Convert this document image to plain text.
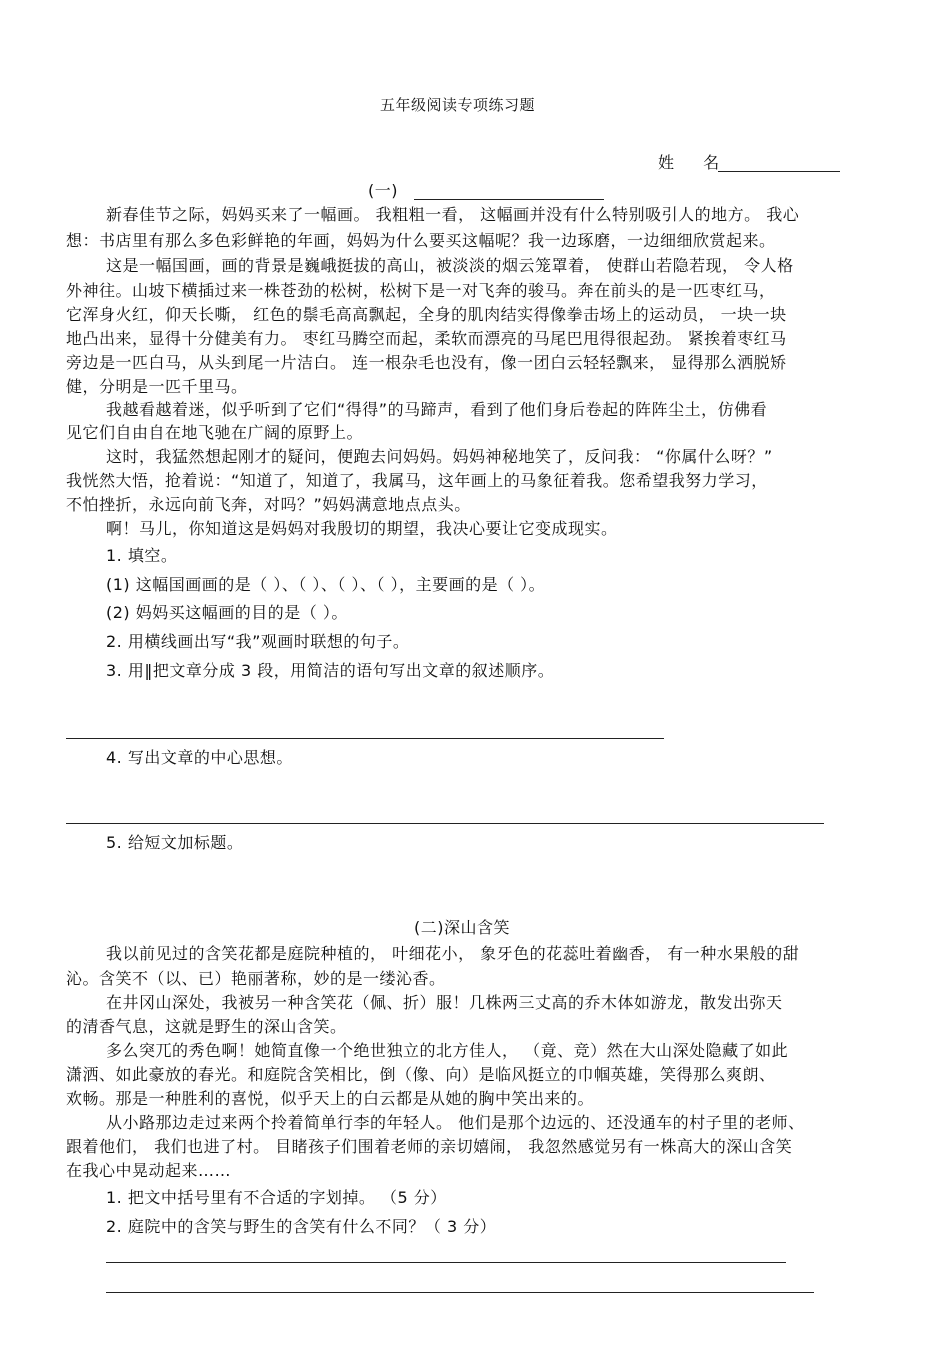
五年级阅读专项练习题
姓 名
(一)
新春佳节之际，妈妈买来了一幅画。 我粗粗一看， 这幅画并没有什么特别吸引人的地方。 我心
想：书店里有那么多色彩鲜艳的年画，妈妈为什么要买这幅呢？我一边琢磨，一边细细欣赏起来。
这是一幅国画，画的背景是巍峨挺拔的高山，被淡淡的烟云笼罩着， 使群山若隐若现， 令人格
外神往。山坡下横插过来一株苍劲的松树，松树下是一对飞奔的骏马。奔在前头的是一匹枣红马，
它浑身火红，仰天长嘶， 红色的鬃毛高高飘起，全身的肌肉结实得像拳击场上的运动员， 一块一块
地凸出来，显得十分健美有力。 枣红马腾空而起，柔软而漂亮的马尾巴甩得很起劲。 紧挨着枣红马
旁边是一匹白马，从头到尾一片洁白。 连一根杂毛也没有，像一团白云轻轻飘来， 显得那么洒脱矫
健，分明是一匹千里马。
我越看越着迷，似乎听到了它们“得得”的马蹄声，看到了他们身后卷起的阵阵尘土，仿佛看
见它们自由自在地飞驰在广阔的原野上。
这时，我猛然想起刚才的疑问，便跑去问妈妈。妈妈神秘地笑了，反问我： “你属什么呀？”
我恍然大悟，抢着说：“知道了，知道了，我属马，这年画上的马象征着我。您希望我努力学习，
不怕挫折，永远向前飞奔，对吗？”妈妈满意地点点头。
啊！马儿，你知道这是妈妈对我殷切的期望，我决心要让它变成现实。
1. 填空。
(1) 这幅国画画的是（ ）、（ ）、（ ）、（ ），主要画的是（ ）。
(2) 妈妈买这幅画的目的是（ ）。
2. 用横线画出写“我”观画时联想的句子。
3. 用‖把文章分成 3 段，用简洁的语句写出文章的叙述顺序。
4. 写出文章的中心思想。
5. 给短文加标题。
(二)深山含笑
我以前见过的含笑花都是庭院种植的， 叶细花小， 象牙色的花蕊吐着幽香， 有一种水果般的甜
沁。含笑不（以、已）艳丽著称，妙的是一缕沁香。
在井冈山深处，我被另一种含笑花（佩、折）服！几株两三丈高的乔木体如游龙，散发出弥天
的清香气息，这就是野生的深山含笑。
多么突兀的秀色啊！她简直像一个绝世独立的北方佳人， （竟、竞）然在大山深处隐藏了如此
潇洒、如此豪放的春光。和庭院含笑相比，倒（像、向）是临风挺立的巾帼英雄，笑得那么爽朗、
欢畅。那是一种胜利的喜悦，似乎天上的白云都是从她的胸中笑出来的。
从小路那边走过来两个拎着简单行李的年轻人。 他们是那个边远的、还没通车的村子里的老师、
跟着他们， 我们也进了村。 目睹孩子们围着老师的亲切嬉闹， 我忽然感觉另有一株高大的深山含笑
在我心中晃动起来……
1. 把文中括号里有不合适的字划掉。 （5 分）
2. 庭院中的含笑与野生的含笑有什么不同？（ 3 分）
